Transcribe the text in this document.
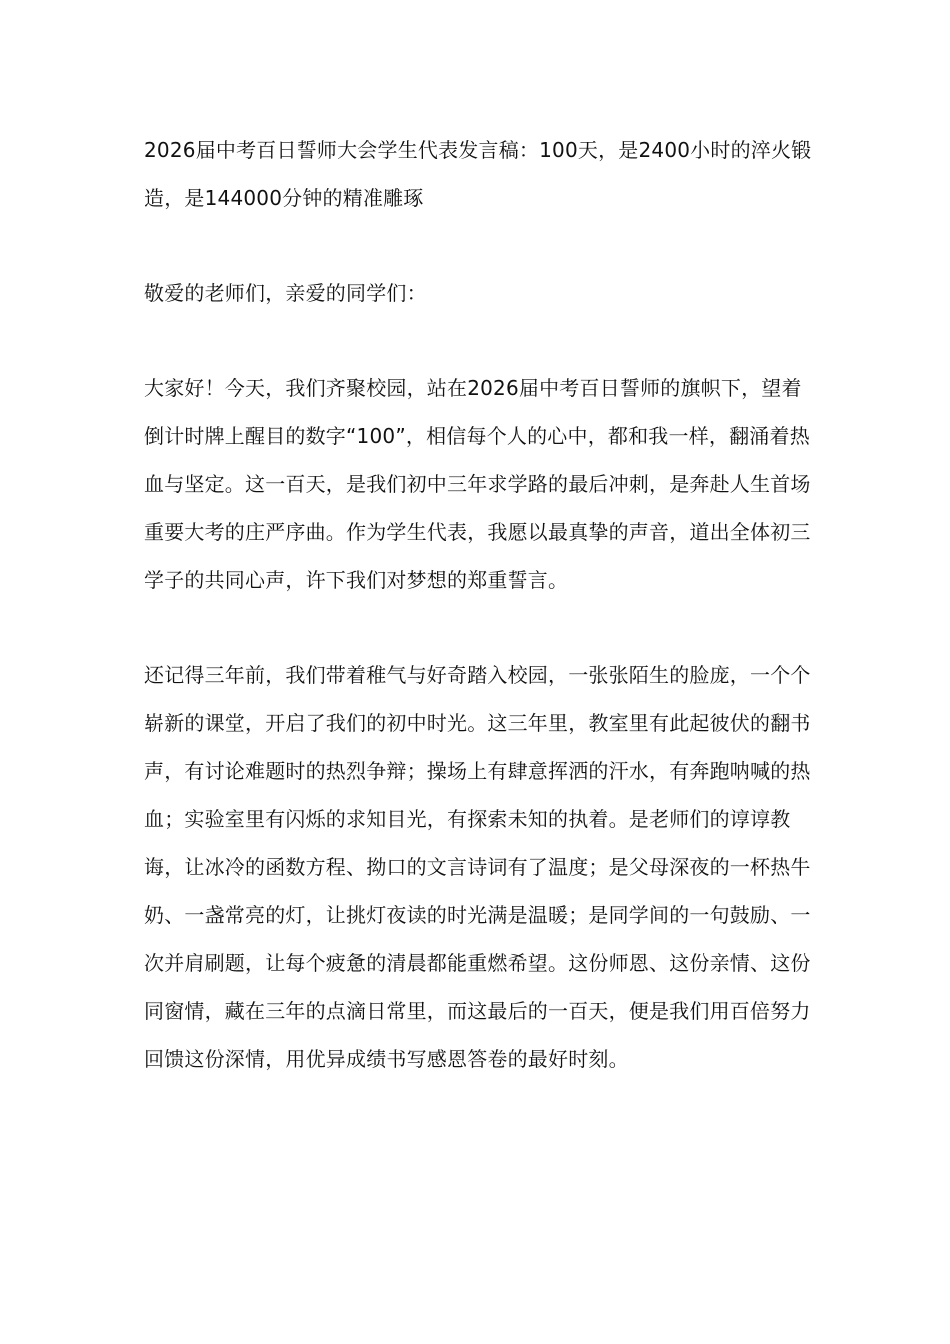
2026届中考百日誓师大会学生代表发言稿：100天，是2400小时的淬火锻造，是144000分钟的精准雕琢

敬爱的老师们，亲爱的同学们：

大家好！今天，我们齐聚校园，站在2026届中考百日誓师的旗帜下，望着倒计时牌上醒目的数字“100”，相信每个人的心中，都和我一样，翻涌着热血与坚定。这一百天，是我们初中三年求学路的最后冲刺，是奔赴人生首场重要大考的庄严序曲。作为学生代表，我愿以最真挚的声音，道出全体初三学子的共同心声，许下我们对梦想的郑重誓言。

还记得三年前，我们带着稚气与好奇踏入校园，一张张陌生的脸庞，一个个崭新的课堂，开启了我们的初中时光。这三年里，教室里有此起彼伏的翻书声，有讨论难题时的热烈争辩；操场上有肆意挥洒的汗水，有奔跑呐喊的热血；实验室里有闪烁的求知目光，有探索未知的执着。是老师们的谆谆教诲，让冰冷的函数方程、拗口的文言诗词有了温度；是父母深夜的一杯热牛奶、一盏常亮的灯，让挑灯夜读的时光满是温暖；是同学间的一句鼓励、一次并肩刷题，让每个疲惫的清晨都能重燃希望。这份师恩、这份亲情、这份同窗情，藏在三年的点滴日常里，而这最后的一百天，便是我们用百倍努力回馈这份深情，用优异成绩书写感恩答卷的最好时刻。
